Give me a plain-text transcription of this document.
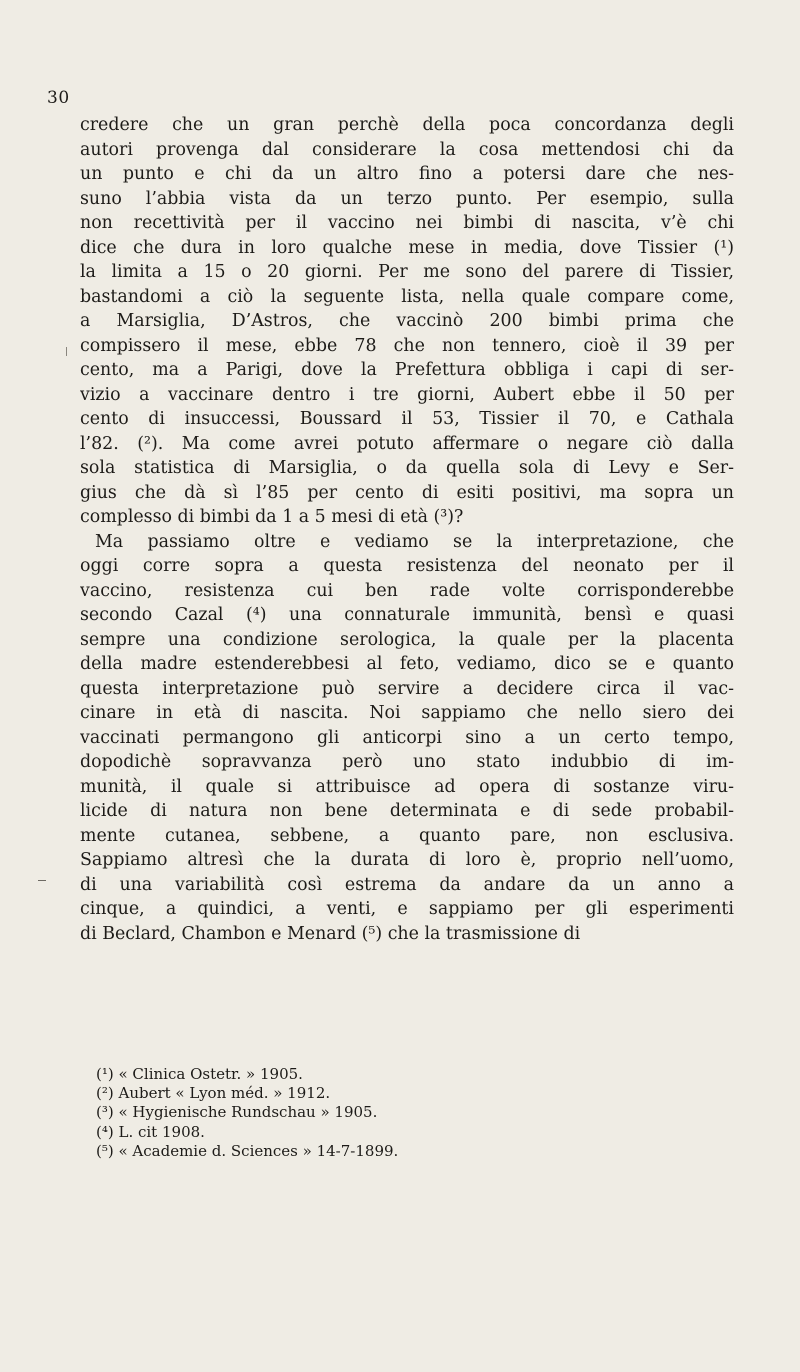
30
credere che un gran perchè della poca concordanza degli
autori provenga dal considerare la cosa mettendosi chi da
un punto e chi da un altro fino a potersi dare che nes-
suno l’abbia vista da un terzo punto. Per esempio, sulla
non recettività per il vaccino nei bimbi di nascita, v’è chi
dice che dura in loro qualche mese in media, dove Tissier (¹)
la limita a 15 o 20 giorni. Per me sono del parere di Tissier,
bastandomi a ciò la seguente lista, nella quale compare come,
a Marsiglia, D’Astros, che vaccinò 200 bimbi prima che
compissero il mese, ebbe 78 che non tennero, cioè il 39 per
cento, ma a Parigi, dove la Prefettura obbliga i capi di ser-
vizio a vaccinare dentro i tre giorni, Aubert ebbe il 50 per
cento di insuccessi, Boussard il 53, Tissier il 70, e Cathala
l’82. (²). Ma come avrei potuto affermare o negare ciò dalla
sola statistica di Marsiglia, o da quella sola di Levy e Ser-
gius che dà sì l’85 per cento di esiti positivi, ma sopra un
complesso di bimbi da 1 a 5 mesi di età (³)?
Ma passiamo oltre e vediamo se la interpretazione, che
oggi corre sopra a questa resistenza del neonato per il
vaccino, resistenza cui ben rade volte corrisponderebbe
secondo Cazal (⁴) una connaturale immunità, bensì e quasi
sempre una condizione serologica, la quale per la placenta
della madre estenderebbesi al feto, vediamo, dico se e quanto
questa interpretazione può servire a decidere circa il vac-
cinare in età di nascita. Noi sappiamo che nello siero dei
vaccinati permangono gli anticorpi sino a un certo tempo,
dopodichè sopravvanza però uno stato indubbio di im-
munità, il quale si attribuisce ad opera di sostanze viru-
licide di natura non bene determinata e di sede probabil-
mente cutanea, sebbene, a quanto pare, non esclusiva.
Sappiamo altresì che la durata di loro è, proprio nell’uomo,
di una variabilità così estrema da andare da un anno a
cinque, a quindici, a venti, e sappiamo per gli esperimenti
di Beclard, Chambon e Menard (⁵) che la trasmissione di
(¹) « Clinica Ostetr. » 1905.
(²) Aubert « Lyon méd. » 1912.
(³) « Hygienische Rundschau » 1905.
(⁴) L. cit 1908.
(⁵) « Academie d. Sciences » 14-7-1899.
